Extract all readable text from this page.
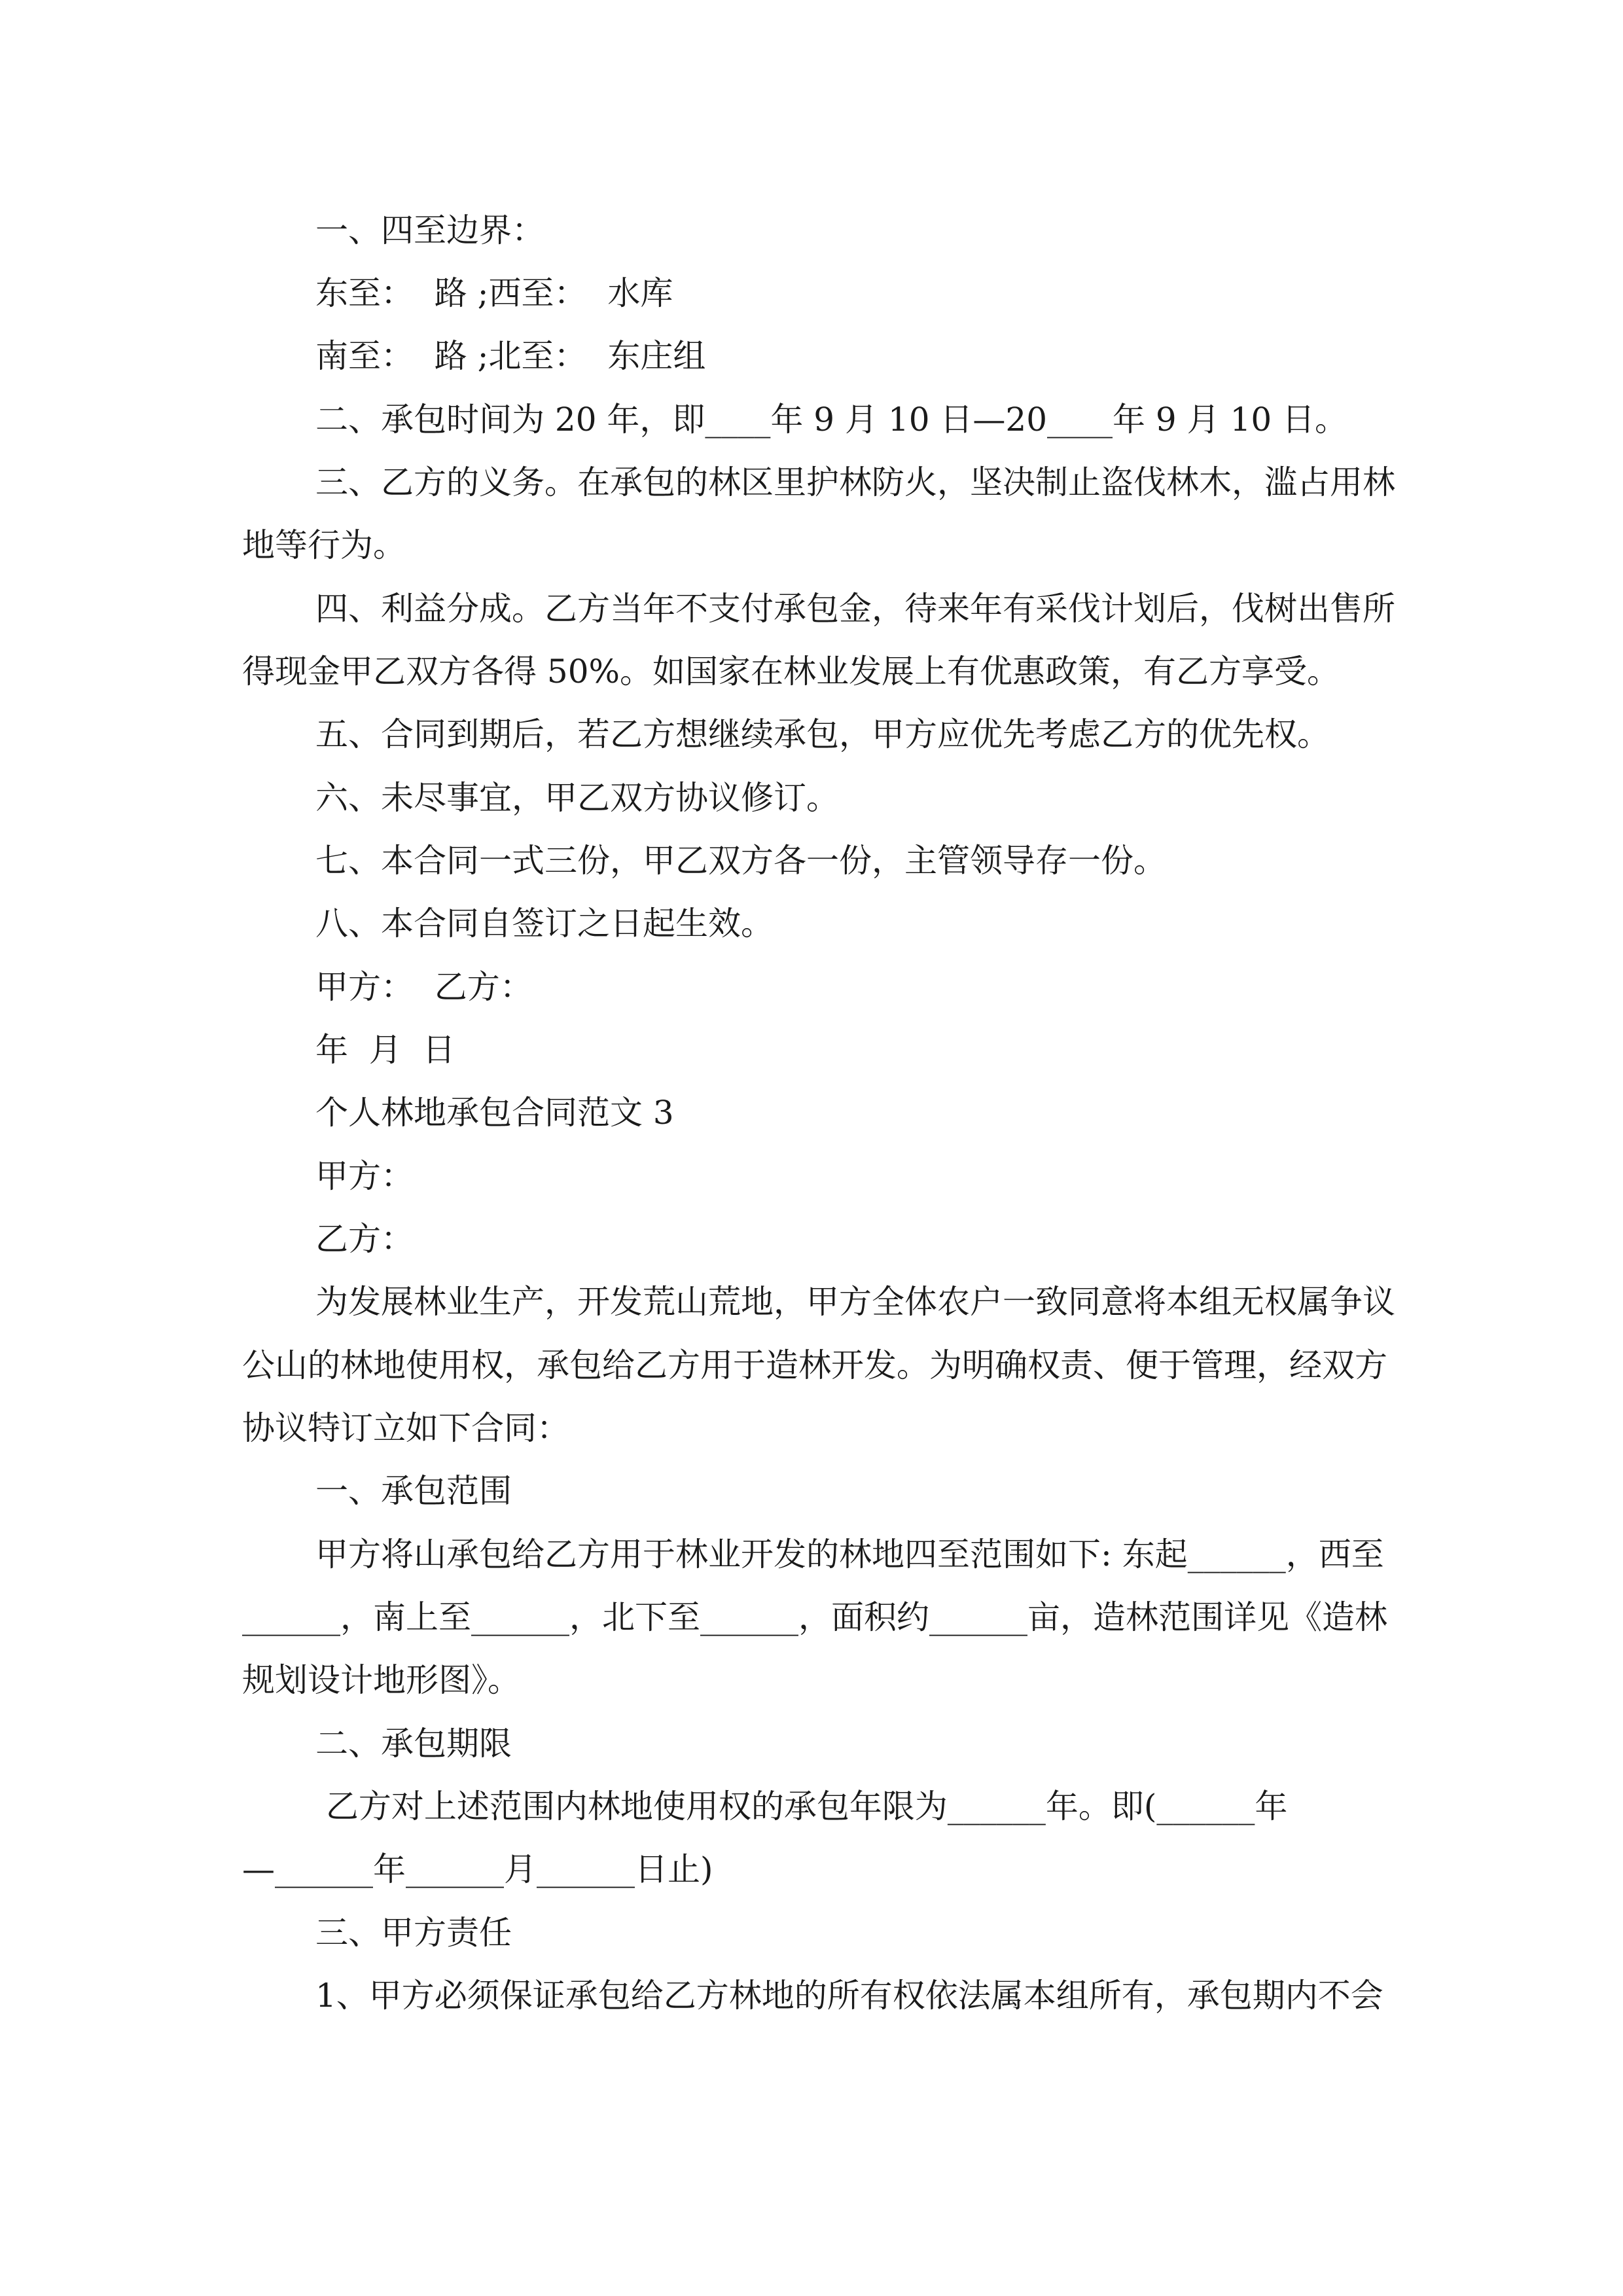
一、四至边界：

东至：  路 ;西至：  水库

南至：  路 ;北至：  东庄组

二、承包时间为 20 年，即____年 9 月 10 日—20____年 9 月 10 日。

三、乙方的义务。在承包的林区里护林防火，坚决制止盗伐林木，滥占用林

地等行为。

四、利益分成。乙方当年不支付承包金，待来年有采伐计划后，伐树出售所

得现金甲乙双方各得 50%。如国家在林业发展上有优惠政策，有乙方享受。

五、合同到期后，若乙方想继续承包，甲方应优先考虑乙方的优先权。

六、未尽事宜，甲乙双方协议修订。

七、本合同一式三份，甲乙双方各一份，主管领导存一份。

八、本合同自签订之日起生效。

甲方：  乙方：

年  月  日

个人林地承包合同范文 3

甲方：

乙方：

为发展林业生产，开发荒山荒地，甲方全体农户一致同意将本组无权属争议

公山的林地使用权，承包给乙方用于造林开发。为明确权责、便于管理，经双方

协议特订立如下合同：

一、承包范围

甲方将山承包给乙方用于林业开发的林地四至范围如下: 东起______，西至

______，南上至______，北下至______，面积约______亩，造林范围详见《造林

规划设计地形图》。

二、承包期限

乙方对上述范围内林地使用权的承包年限为______年。即(______年

—______年______月______日止)

三、甲方责任

1、甲方必须保证承包给乙方林地的所有权依法属本组所有，承包期内不会
